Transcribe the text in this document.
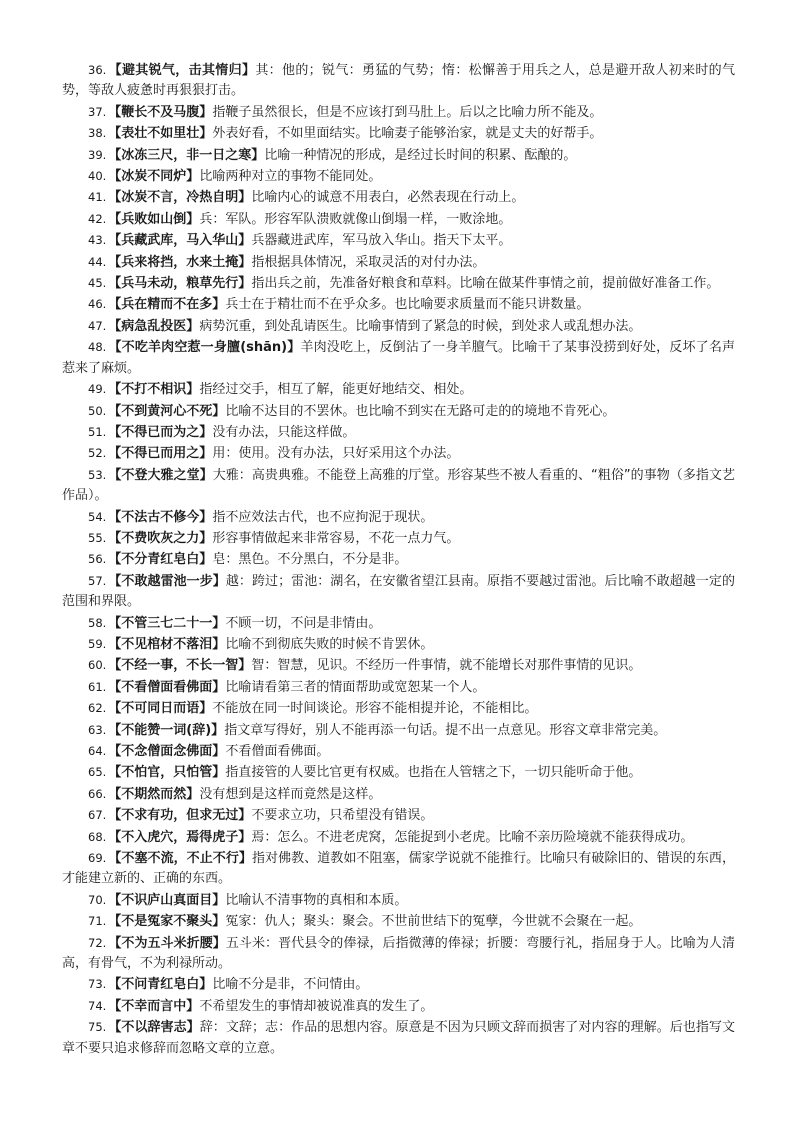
36. 【避其锐气，击其惰归】其：他的；锐气：勇猛的气势；惰：松懈善于用兵之人，总是避开敌人初来时的气势，等敌人疲惫时再狠狠打击。

37. 【鞭长不及马腹】指鞭子虽然很长，但是不应该打到马肚上。后以之比喻力所不能及。

38. 【表壮不如里壮】外表好看，不如里面结实。比喻妻子能够治家，就是丈夫的好帮手。

39. 【冰冻三尺，非一日之寒】比喻一种情况的形成，是经过长时间的积累、酝酿的。

40. 【冰炭不同炉】比喻两种对立的事物不能同处。

41. 【冰炭不言，冷热自明】比喻内心的诚意不用表白，必然表现在行动上。

42. 【兵败如山倒】兵：军队。形容军队溃败就像山倒塌一样，一败涂地。

43. 【兵藏武库，马入华山】兵器藏进武库，军马放入华山。指天下太平。

44. 【兵来将挡，水来土掩】指根据具体情况，采取灵活的对付办法。

45. 【兵马未动，粮草先行】指出兵之前，先准备好粮食和草料。比喻在做某件事情之前，提前做好准备工作。

46. 【兵在精而不在多】兵士在于精壮而不在乎众多。也比喻要求质量而不能只讲数量。

47. 【病急乱投医】病势沉重，到处乱请医生。比喻事情到了紧急的时候，到处求人或乱想办法。

48. 【不吃羊肉空惹一身膻(shān)】羊肉没吃上，反倒沾了一身羊膻气。比喻干了某事没捞到好处，反坏了名声惹来了麻烦。

49. 【不打不相识】指经过交手，相互了解，能更好地结交、相处。

50. 【不到黄河心不死】比喻不达目的不罢休。也比喻不到实在无路可走的的境地不肯死心。

51. 【不得已而为之】没有办法，只能这样做。

52. 【不得已而用之】用：使用。没有办法，只好采用这个办法。

53. 【不登大雅之堂】大雅：高贵典雅。不能登上高雅的厅堂。形容某些不被人看重的、“粗俗”的事物（多指文艺作品）。

54. 【不法古不修今】指不应效法古代，也不应拘泥于现状。

55. 【不费吹灰之力】形容事情做起来非常容易，不花一点力气。

56. 【不分青红皂白】皂：黑色。不分黑白，不分是非。

57. 【不敢越雷池一步】越：跨过；雷池：湖名，在安徽省望江县南。原指不要越过雷池。后比喻不敢超越一定的范围和界限。

58. 【不管三七二十一】不顾一切，不问是非情由。

59. 【不见棺材不落泪】比喻不到彻底失败的时候不肯罢休。

60. 【不经一事，不长一智】智：智慧，见识。不经历一件事情，就不能增长对那件事情的见识。

61. 【不看僧面看佛面】比喻请看第三者的情面帮助或宽恕某一个人。

62. 【不可同日而语】不能放在同一时间谈论。形容不能相提并论，不能相比。

63. 【不能赞一词(辞)】指文章写得好，别人不能再添一句话。提不出一点意见。形容文章非常完美。

64. 【不念僧面念佛面】不看僧面看佛面。

65. 【不怕官，只怕管】指直接管的人要比官更有权威。也指在人管辖之下，一切只能听命于他。

66. 【不期然而然】没有想到是这样而竟然是这样。

67. 【不求有功，但求无过】不要求立功，只希望没有错误。

68. 【不入虎穴，焉得虎子】焉：怎么。不进老虎窝，怎能捉到小老虎。比喻不亲历险境就不能获得成功。

69. 【不塞不流，不止不行】指对佛教、道教如不阻塞，儒家学说就不能推行。比喻只有破除旧的、错误的东西，才能建立新的、正确的东西。

70. 【不识庐山真面目】比喻认不清事物的真相和本质。

71. 【不是冤家不聚头】冤家：仇人；聚头：聚会。不世前世结下的冤孽，今世就不会聚在一起。

72. 【不为五斗米折腰】五斗米：晋代县令的俸禄，后指微薄的俸禄；折腰：弯腰行礼，指屈身于人。比喻为人清高，有骨气，不为利禄所动。

73. 【不问青红皂白】比喻不分是非，不问情由。

74. 【不幸而言中】不希望发生的事情却被说准真的发生了。

75. 【不以辞害志】辞：文辞；志：作品的思想内容。原意是不因为只顾文辞而损害了对内容的理解。后也指写文章不要只追求修辞而忽略文章的立意。
